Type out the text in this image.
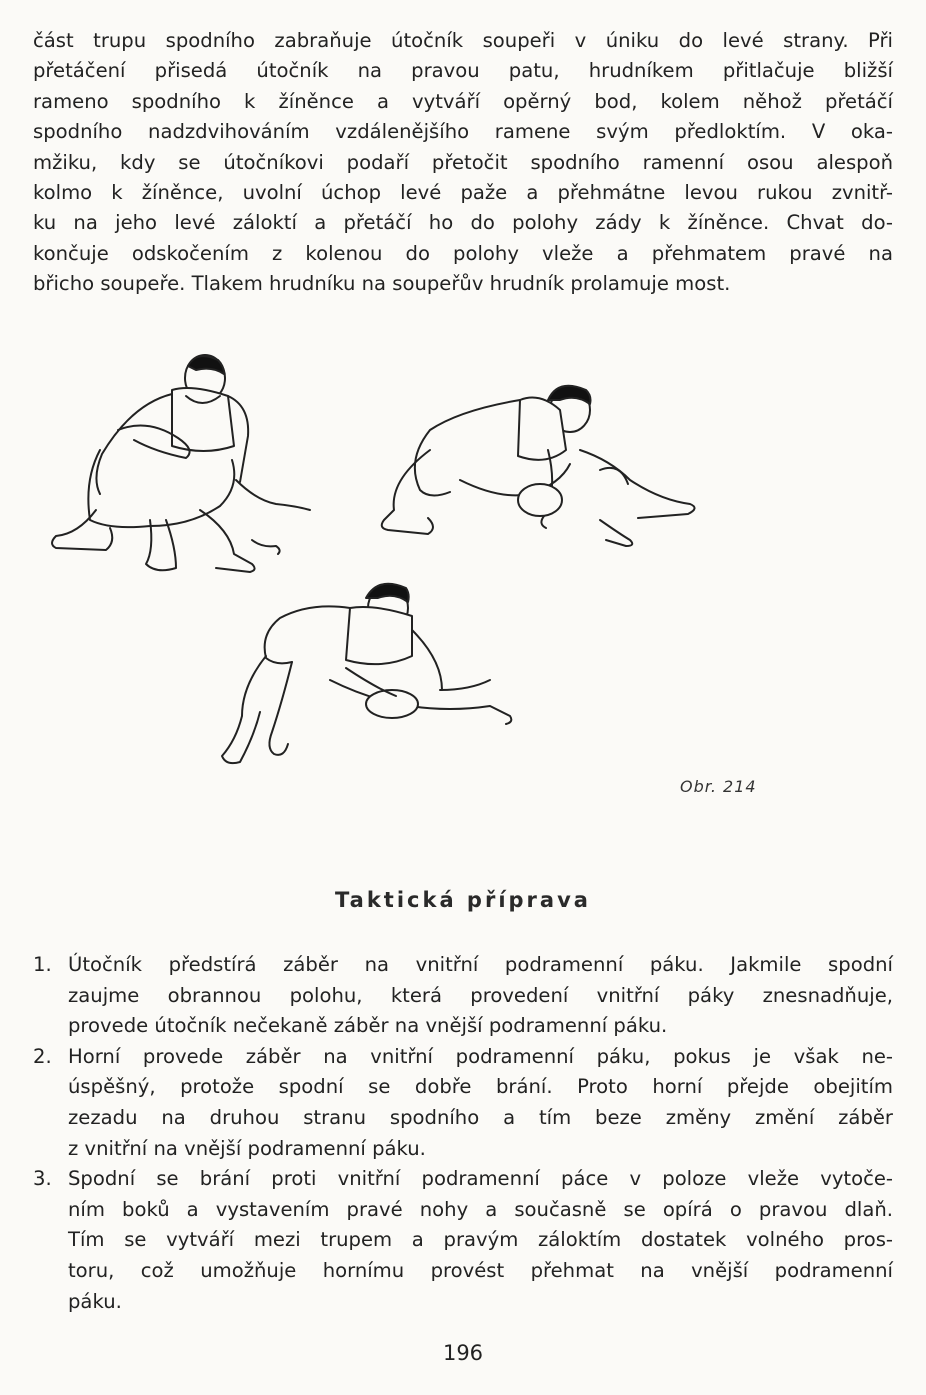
část trupu spodního zabraňuje útočník soupeři v úniku do levé strany. Při
přetáčení přisedá útočník na pravou patu, hrudníkem přitlačuje bližší
rameno spodního k žíněnce a vytváří opěrný bod, kolem něhož přetáčí
spodního nadzdvihováním vzdálenějšího ramene svým předloktím. V oka-
mžiku, kdy se útočníkovi podaří přetočit spodního ramenní osou alespoň
kolmo k žíněnce, uvolní úchop levé paže a přehmátne levou rukou zvnitř-
ku na jeho levé záloktí a přetáčí ho do polohy zády k žíněnce. Chvat do-
končuje odskočením z kolenou do polohy vleže a přehmatem pravé na
břicho soupeře. Tlakem hrudníku na soupeřův hrudník prolamuje most.

Obr. 214
Taktická příprava
1. Útočník předstírá záběr na vnitřní podramenní páku. Jakmile spodní
zaujme obrannou polohu, která provedení vnitřní páky znesnadňuje,
provede útočník nečekaně záběr na vnější podramenní páku.
2. Horní provede záběr na vnitřní podramenní páku, pokus je však ne-
úspěšný, protože spodní se dobře brání. Proto horní přejde obejitím
zezadu na druhou stranu spodního a tím beze změny změní záběr
z vnitřní na vnější podramenní páku.
3. Spodní se brání proti vnitřní podramenní páce v poloze vleže vytoče-
ním boků a vystavením pravé nohy a současně se opírá o pravou dlaň.
Tím se vytváří mezi trupem a pravým záloktím dostatek volného pros-
toru, což umožňuje hornímu provést přehmat na vnější podramenní
páku.
196
